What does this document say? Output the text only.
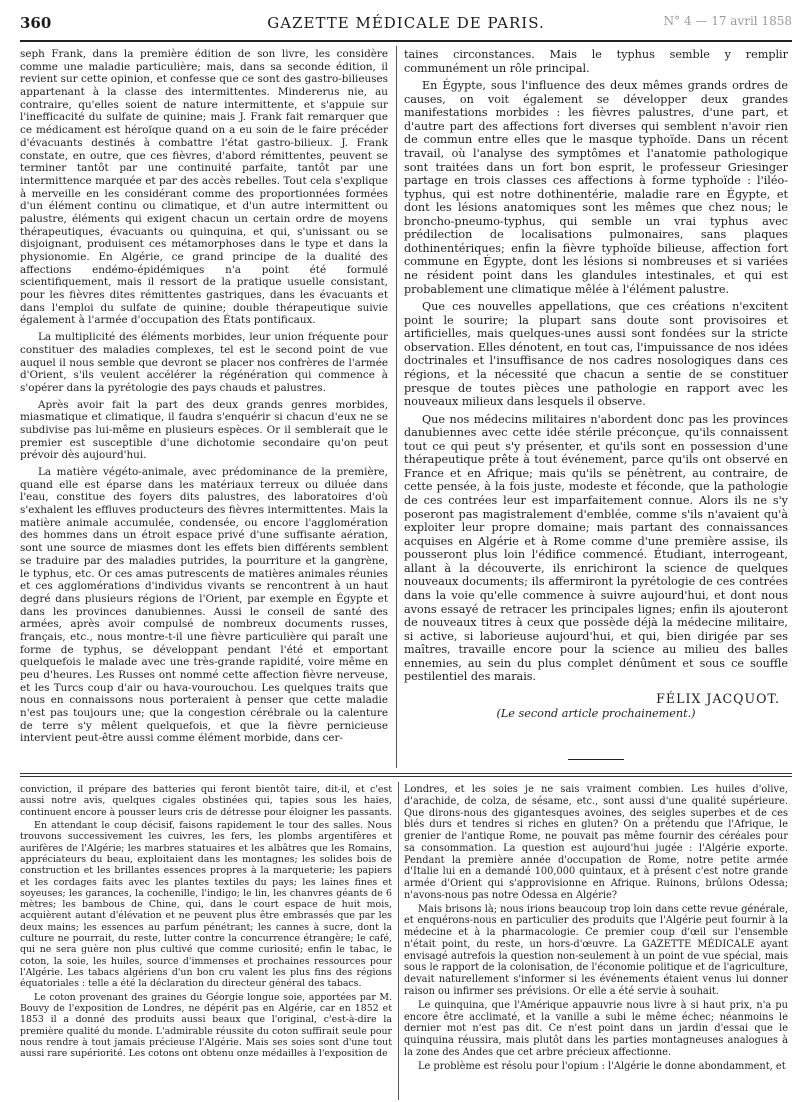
360	GAZETTE MÉDICALE DE PARIS.	N° 4 — 17 avril 1858

seph Frank, dans la première édition de son livre, les considère comme une maladie particulière; mais, dans sa seconde édition, il revient sur cette opinion, et confesse que ce sont des gastro-bilieuses appartenant à la classe des intermittentes. Mindererus nie, au contraire, qu'elles soient de nature intermittente, et s'appuie sur l'inefficacité du sulfate de quinine; mais J. Frank fait remarquer que ce médicament est héroïque quand on a eu soin de le faire précéder d'évacuants destinés à combattre l'état gastro-bilieux. J. Frank constate, en outre, que ces fièvres, d'abord rémittentes, peuvent se terminer tantôt par une continuité parfaite, tantôt par une intermittence marquée et par des accès rebelles. Tout cela s'explique à merveille en les considérant comme des proportionnées formées d'un élément continu ou climatique, et d'un autre intermittent ou palustre, éléments qui exigent chacun un certain ordre de moyens thérapeutiques, évacuants ou quinquina, et qui, s'unissant ou se disjoignant, produisent ces métamorphoses dans le type et dans la physionomie. En Algérie, ce grand principe de la dualité des affections endémo-épidémiques n'a point été formulé scientifiquement, mais il ressort de la pratique usuelle consistant, pour les fièvres dites rémittentes gastriques, dans les évacuants et dans l'emploi du sulfate de quinine; double thérapeutique suivie également à l'armée d'occupation des États pontificaux.

La multiplicité des éléments morbides, leur union fréquente pour constituer des maladies complexes, tel est le second point de vue auquel il nous semble que devront se placer nos confrères de l'armée d'Orient, s'ils veulent accélérer la régénération qui commence à s'opérer dans la pyrétologie des pays chauds et palustres.

Après avoir fait la part des deux grands genres morbides, miasmatique et climatique, il faudra s'enquérir si chacun d'eux ne se subdivise pas lui-même en plusieurs espèces. Or il semblerait que le premier est susceptible d'une dichotomie secondaire qu'on peut prévoir dès aujourd'hui.

La matière végéto-animale, avec prédominance de la première, quand elle est éparse dans les matériaux terreux ou diluée dans l'eau, constitue des foyers dits palustres, des laboratoires d'où s'exhalent les effluves producteurs des fièvres intermittentes. Mais la matière animale accumulée, condensée, ou encore l'agglomération des hommes dans un étroit espace privé d'une suffisante aération, sont une source de miasmes dont les effets bien différents semblent se traduire par des maladies putrides, la pourriture et la gangrène, le typhus, etc. Or ces amas putrescents de matières animales réunies et ces agglomérations d'individus vivants se rencontrent à un haut degré dans plusieurs régions de l'Orient, par exemple en Égypte et dans les provinces danubiennes. Aussi le conseil de santé des armées, après avoir compulsé de nombreux documents russes, français, etc., nous montre-t-il une fièvre particulière qui paraît une forme de typhus, se développant pendant l'été et emportant quelquefois le malade avec une très-grande rapidité, voire même en peu d'heures. Les Russes ont nommé cette affection fièvre nerveuse, et les Turcs coup d'air ou hava-vourouchou. Les quelques traits que nous en connaissons nous porteraient à penser que cette maladie n'est pas toujours une; que la congestion cérébrale ou la calenture de terre s'y mêlent quelquefois, et que la fièvre pernicieuse intervient peut-être aussi comme élément morbide, dans cer-

taines circonstances. Mais le typhus semble y remplir communément un rôle principal.

En Égypte, sous l'influence des deux mêmes grands ordres de causes, on voit également se développer deux grandes manifestations morbides : les fièvres palustres, d'une part, et d'autre part des affections fort diverses qui semblent n'avoir rien de commun entre elles que le masque typhoïde. Dans un récent travail, où l'analyse des symptômes et l'anatomie pathologique sont traitées dans un fort bon esprit, le professeur Griesinger partage en trois classes ces affections à forme typhoïde : l'iléo-typhus, qui est notre dothinentérie, maladie rare en Égypte, et dont les lésions anatomiques sont les mêmes que chez nous; le broncho-pneumo-typhus, qui semble un vrai typhus avec prédilection de localisations pulmonaires, sans plaques dothinentériques; enfin la fièvre typhoïde bilieuse, affection fort commune en Égypte, dont les lésions si nombreuses et si variées ne résident point dans les glandules intestinales, et qui est probablement une climatique mêlée à l'élément palustre.

Que ces nouvelles appellations, que ces créations n'excitent point le sourire; la plupart sans doute sont provisoires et artificielles, mais quelques-unes aussi sont fondées sur la stricte observation. Elles dénotent, en tout cas, l'impuissance de nos idées doctrinales et l'insuffisance de nos cadres nosologiques dans ces régions, et la nécessité que chacun a sentie de se constituer presque de toutes pièces une pathologie en rapport avec les nouveaux milieux dans lesquels il observe.

Que nos médecins militaires n'abordent donc pas les provinces danubiennes avec cette idée stérile préconçue, qu'ils connaissent tout ce qui peut s'y présenter, et qu'ils sont en possession d'une thérapeutique prête à tout événement, parce qu'ils ont observé en France et en Afrique; mais qu'ils se pénètrent, au contraire, de cette pensée, à la fois juste, modeste et féconde, que la pathologie de ces contrées leur est imparfaitement connue. Alors ils ne s'y poseront pas magistralement d'emblée, comme s'ils n'avaient qu'à exploiter leur propre domaine; mais partant des connaissances acquises en Algérie et à Rome comme d'une première assise, ils pousseront plus loin l'édifice commencé. Étudiant, interrogeant, allant à la découverte, ils enrichiront la science de quelques nouveaux documents; ils affermiront la pyrétologie de ces contrées dans la voie qu'elle commence à suivre aujourd'hui, et dont nous avons essayé de retracer les principales lignes; enfin ils ajouteront de nouveaux titres à ceux que possède déjà la médecine militaire, si active, si laborieuse aujourd'hui, et qui, bien dirigée par ses maîtres, travaille encore pour la science au milieu des balles ennemies, au sein du plus complet dénûment et sous ce souffle pestilentiel des marais.

FÉLIX JACQUOT.
(Le second article prochainement.)

conviction, il prépare des batteries qui feront bientôt taire, dit-il, et c'est aussi notre avis, quelques cigales obstinées qui, tapies sous les haies, continuent encore à pousser leurs cris de détresse pour éloigner les passants.

En attendant le coup décisif, faisons rapidement le tour des salles. Nous trouvons successivement les cuivres, les fers, les plombs argentifères et aurifères de l'Algérie; les marbres statuaires et les albâtres que les Romains, appréciateurs du beau, exploitaient dans les montagnes; les solides bois de construction et les brillantes essences propres à la marqueterie; les papiers et les cordages faits avec les plantes textiles du pays; les laines fines et soyeuses; les garances, la cochenille, l'indigo; le lin, les chanvres géants de 6 mètres; les bambous de Chine, qui, dans le court espace de huit mois, acquièrent autant d'élévation et ne peuvent plus être embrassés que par les deux mains; les essences au parfum pénétrant; les cannes à sucre, dont la culture ne pourrait, du reste, lutter contre la concurrence étrangère; le café, qui ne sera guère non plus cultivé que comme curiosité; enfin le tabac, le coton, la soie, les huiles, source d'immenses et prochaines ressources pour l'Algérie. Les tabacs algériens d'un bon cru valent les plus fins des régions équatoriales : telle a été la déclaration du directeur général des tabacs.

Le coton provenant des graines du Géorgie longue soie, apportées par M. Bouvy de l'exposition de Londres, ne dépérit pas en Algérie, car en 1852 et 1853 il a donné des produits aussi beaux que l'original, c'est-à-dire la première qualité du monde. L'admirable réussite du coton suffirait seule pour nous rendre à tout jamais précieuse l'Algérie. Mais ses soies sont d'une tout aussi rare supériorité. Les cotons ont obtenu onze médailles à l'exposition de

Londres, et les soies je ne sais vraiment combien. Les huiles d'olive, d'arachide, de colza, de sésame, etc., sont aussi d'une qualité supérieure. Que dirons-nous des gigantesques avoines, des seigles superbes et de ces blés durs et tendres si riches en gluten? On a prétendu que l'Afrique, le grenier de l'antique Rome, ne pouvait pas même fournir des céréales pour sa consommation. La question est aujourd'hui jugée : l'Algérie exporte. Pendant la première année d'occupation de Rome, notre petite armée d'Italie lui en a demandé 100,000 quintaux, et à présent c'est notre grande armée d'Orient qui s'approvisionne en Afrique. Ruinons, brûlons Odessa; n'avons-nous pas notre Odessa en Algérie?

Mais brisons là; nous irions beaucoup trop loin dans cette revue générale, et enquérons-nous en particulier des produits que l'Algérie peut fournir à la médecine et à la pharmacologie. Ce premier coup d'œil sur l'ensemble n'était point, du reste, un hors-d'œuvre. La GAZETTE MÉDICALE ayant envisagé autrefois la question non-seulement à un point de vue spécial, mais sous le rapport de la colonisation, de l'économie politique et de l'agriculture, devait naturellement s'informer si les événements étaient venus lui donner raison ou infirmer ses prévisions. Or elle a été servie à souhait.

Le quinquina, que l'Amérique appauvrie nous livre à si haut prix, n'a pu encore être acclimaté, et la vanille a subi le même échec; néanmoins le dernier mot n'est pas dit. Ce n'est point dans un jardin d'essai que le quinquina réussira, mais plutôt dans les parties montagneuses analogues à la zone des Andes que cet arbre précieux affectionne.

Le problème est résolu pour l'opium : l'Algérie le donne abondamment, et
